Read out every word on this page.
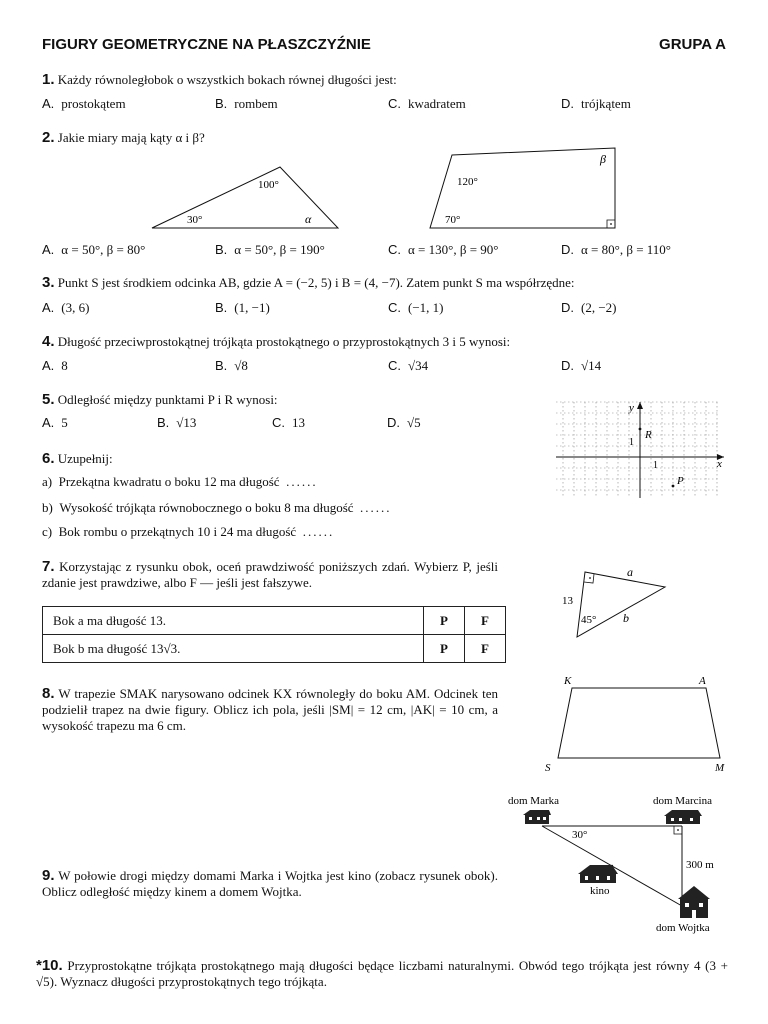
FIGURY GEOMETRYCZNE NA PŁASZCZYŹNIE	GRUPA A
1. Każdy równoległobok o wszystkich bokach równej długości jest:
A. prostokątem	B. rombem	C. kwadratem	D. trójkątem
2. Jakie miary mają kąty α i β?
100°
30°	α
120°
β
70°
A. α = 50°, β = 80°	B. α = 50°, β = 190°	C. α = 130°, β = 90°	D. α = 80°, β = 110°
3. Punkt S jest środkiem odcinka AB, gdzie A = (−2, 5) i B = (4, −7). Zatem punkt S ma współrzędne:
A. (3, 6)	B. (1, −1)	C. (−1, 1)	D. (2, −2)
4. Długość przeciwprostokątnej trójkąta prostokątnego o przyprostokątnych 3 i 5 wynosi:
A. 8	B. √8	C. √34	D. √14
5. Odległość między punktami P i R wynosi:
A. 5	B. √13	C. 13	D. √5
y
x
1
1
R
P
6. Uzupełnij:
a) Przekątna kwadratu o boku 12 ma długość ......
b) Wysokość trójkąta równobocznego o boku 8 ma długość ......
c) Bok rombu o przekątnych 10 i 24 ma długość ......
7. Korzystając z rysunku obok, oceń prawdziwość poniższych zdań. Wybierz P, jeśli zdanie jest prawdziwe, albo F — jeśli jest fałszywe.
Bok a ma długość 13.	P	F
Bok b ma długość 13√3.	P	F
13
a
b
45°
8. W trapezie SMAK narysowano odcinek KX równoległy do boku AM. Odcinek ten podzielił trapez na dwie figury. Oblicz ich pola, jeśli |SM| = 12 cm, |AK| = 10 cm, a wysokość trapezu ma 6 cm.
K	A
S	M
9. W połowie drogi między domami Marka i Wojtka jest kino (zobacz rysunek obok). Oblicz odległość między kinem a domem Wojtka.
dom Marka	dom Marcina
30°
300 m
kino
dom Wojtka
*10. Przyprostokątne trójkąta prostokątnego mają długości będące liczbami naturalnymi. Obwód tego trójkąta jest równy 4 (3 + √5). Wyznacz długości przyprostokątnych tego trójkąta.
